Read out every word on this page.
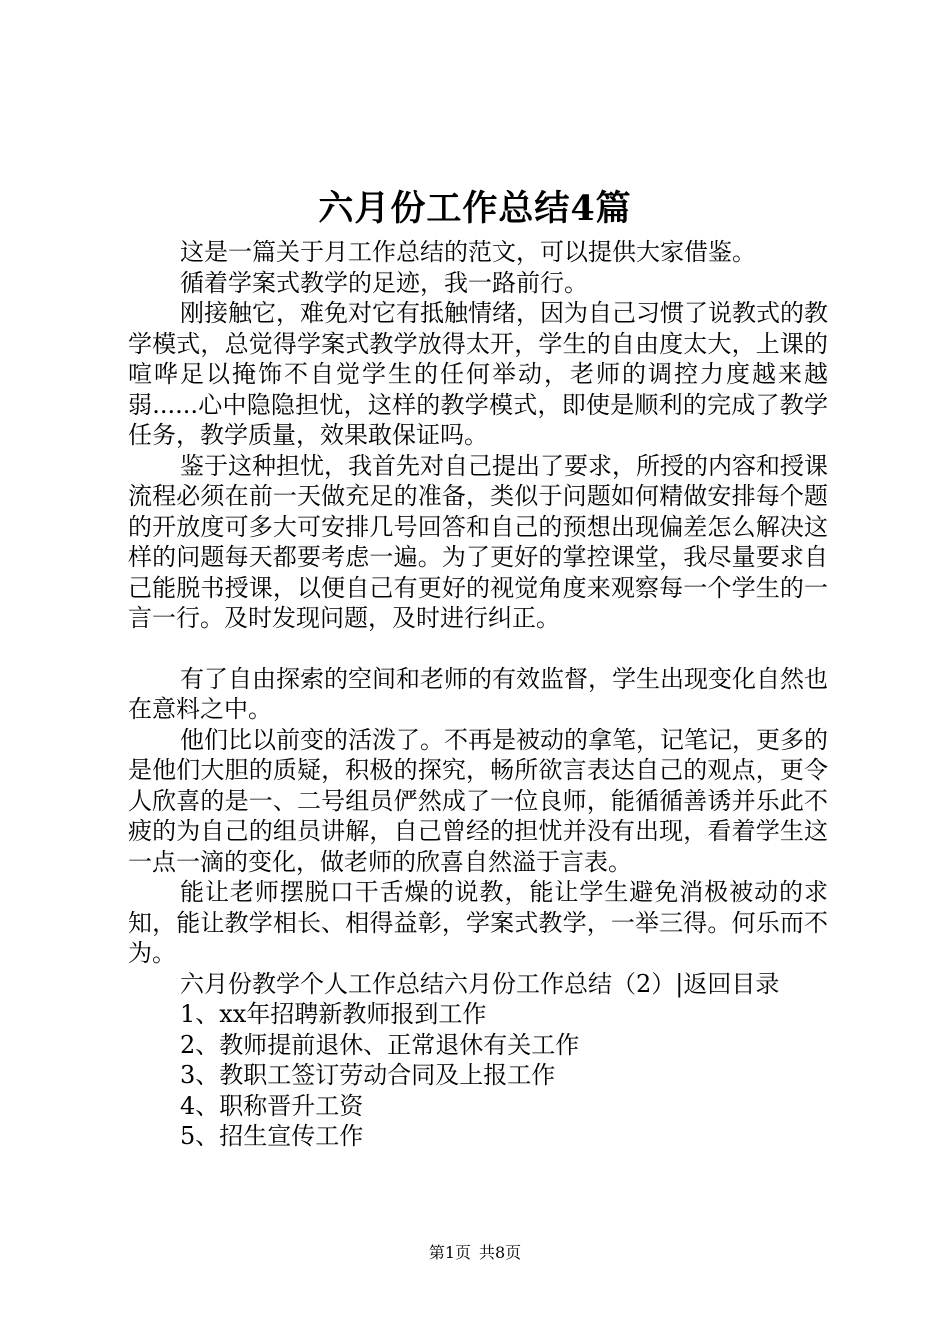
六月份工作总结4篇

这是一篇关于月工作总结的范文，可以提供大家借鉴。

循着学案式教学的足迹，我一路前行。

刚接触它，难免对它有抵触情绪，因为自己习惯了说教式的教学模式，总觉得学案式教学放得太开，学生的自由度太大，上课的喧哗足以掩饰不自觉学生的任何举动，老师的调控力度越来越弱......心中隐隐担忧，这样的教学模式，即使是顺利的完成了教学任务，教学质量，效果敢保证吗。

鉴于这种担忧，我首先对自己提出了要求，所授的内容和授课流程必须在前一天做充足的准备，类似于问题如何精做安排每个题的开放度可多大可安排几号回答和自己的预想出现偏差怎么解决这样的问题每天都要考虑一遍。为了更好的掌控课堂，我尽量要求自己能脱书授课，以便自己有更好的视觉角度来观察每一个学生的一言一行。及时发现问题，及时进行纠正。

有了自由探索的空间和老师的有效监督，学生出现变化自然也在意料之中。

他们比以前变的活泼了。不再是被动的拿笔，记笔记，更多的是他们大胆的质疑，积极的探究，畅所欲言表达自己的观点，更令人欣喜的是一、二号组员俨然成了一位良师，能循循善诱并乐此不疲的为自己的组员讲解，自己曾经的担忧并没有出现，看着学生这一点一滴的变化，做老师的欣喜自然溢于言表。

能让老师摆脱口干舌燥的说教，能让学生避免消极被动的求知，能让教学相长、相得益彰，学案式教学，一举三得。何乐而不为。

六月份教学个人工作总结六月份工作总结（2）|返回目录

1、xx年招聘新教师报到工作

2、教师提前退休、正常退休有关工作

3、教职工签订劳动合同及上报工作

4、职称晋升工资

5、招生宣传工作

第1页 共8页
